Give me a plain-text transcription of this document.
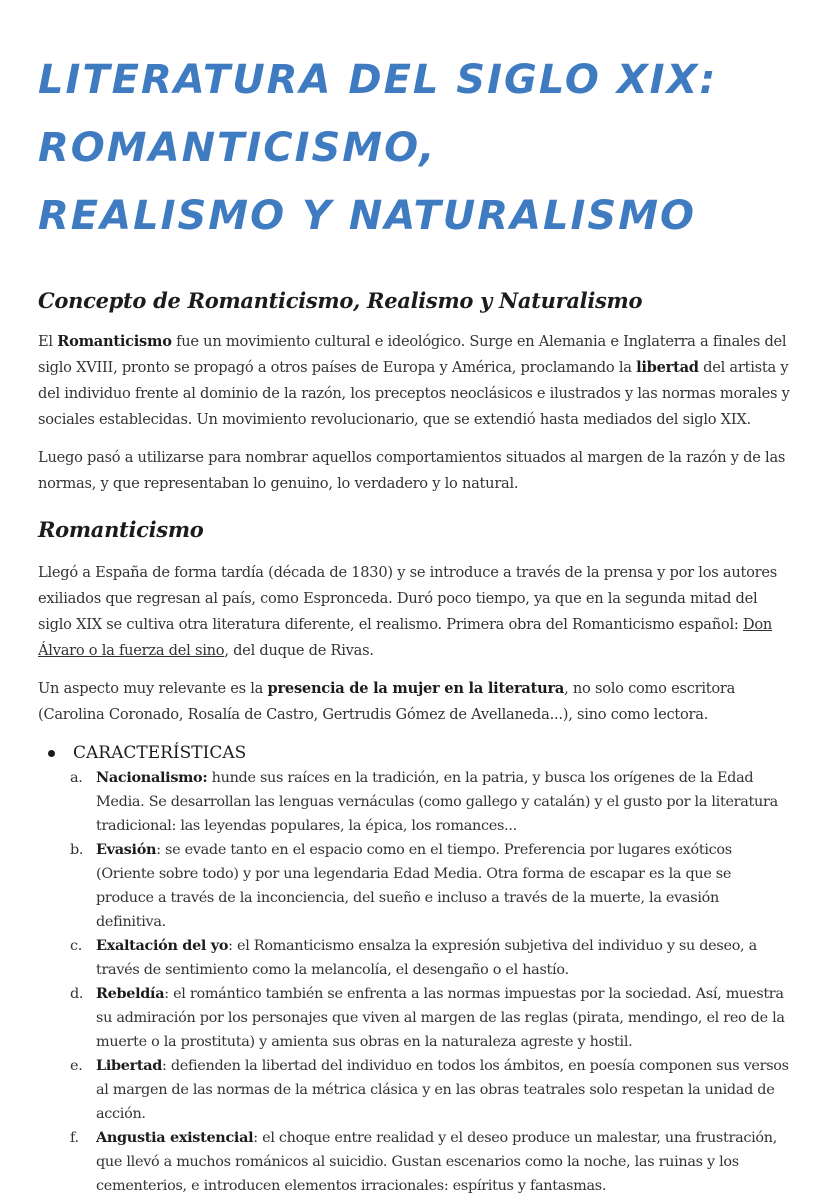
LITERATURA DEL SIGLO XIX: ROMANTICISMO,
REALISMO Y NATURALISMO
Concepto de Romanticismo, Realismo y Naturalismo

El Romanticismo fue un movimiento cultural e ideológico. Surge en Alemania e Inglaterra a finales del siglo XVIII, pronto se propagó a otros países de Europa y América, proclamando la libertad del artista y del individuo frente al dominio de la razón, los preceptos neoclásicos e ilustrados y las normas morales y sociales establecidas. Un movimiento revolucionario, que se extendió hasta mediados del siglo XIX.

Luego pasó a utilizarse para nombrar aquellos comportamientos situados al margen de la razón y de las normas, y que representaban lo genuino, lo verdadero y lo natural.

Romanticismo

Llegó a España de forma tardía (década de 1830) y se introduce a través de la prensa y por los autores exiliados que regresan al país, como Espronceda. Duró poco tiempo, ya que en la segunda mitad del siglo XIX se cultiva otra literatura diferente, el realismo. Primera obra del Romanticismo español: Don Álvaro o la fuerza del sino, del duque de Rivas.

Un aspecto muy relevante es la presencia de la mujer en la literatura, no solo como escritora (Carolina Coronado, Rosalía de Castro, Gertrudis Gómez de Avellaneda...), sino como lectora.

CARACTERÍSTICAS
a. Nacionalismo: hunde sus raíces en la tradición, en la patria, y busca los orígenes de la Edad Media. Se desarrollan las lenguas vernáculas (como gallego y catalán) y el gusto por la literatura tradicional: las leyendas populares, la épica, los romances...
b. Evasión: se evade tanto en el espacio como en el tiempo. Preferencia por lugares exóticos (Oriente sobre todo) y por una legendaria Edad Media. Otra forma de escapar es la que se produce a través de la inconciencia, del sueño e incluso a través de la muerte, la evasión definitiva.
c. Exaltación del yo: el Romanticismo ensalza la expresión subjetiva del individuo y su deseo, a través de sentimiento como la melancolía, el desengaño o el hastío.
d. Rebeldía: el romántico también se enfrenta a las normas impuestas por la sociedad. Así, muestra su admiración por los personajes que viven al margen de las reglas (pirata, mendingo, el reo de la muerte o la prostituta) y amienta sus obras en la naturaleza agreste y hostil.
e. Libertad: defienden la libertad del individuo en todos los ámbitos, en poesía componen sus versos al margen de las normas de la métrica clásica y en las obras teatrales solo respetan la unidad de acción.
f.	Angustia existencial: el choque entre realidad y el deseo produce un malestar, una frustración, que llevó a muchos románicos al suicidio. Gustan escenarios como la noche, las ruinas y los cementerios, e introducen elementos irracionales: espíritus y fantasmas.
